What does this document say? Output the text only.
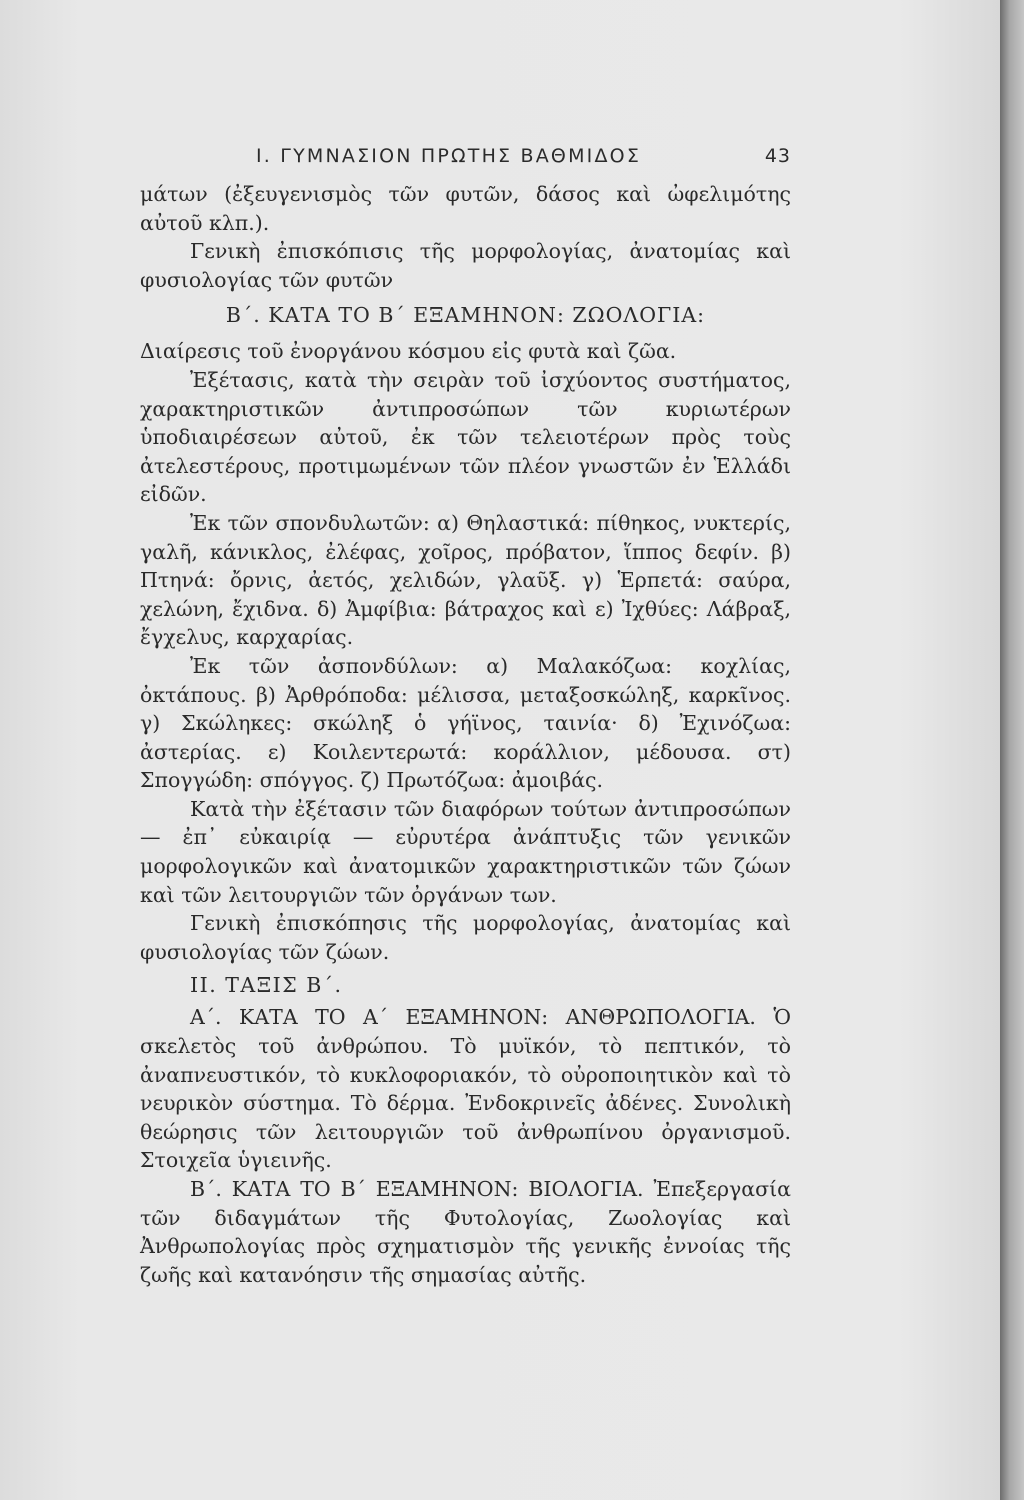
I. ΓΥΜΝΑΣΙΟΝ ΠΡΩΤΗΣ ΒΑΘΜΙΔΟΣ	43

μάτων (ἐξευγενισμὸς τῶν φυτῶν, δάσος καὶ ὠφελιμότης αὐτοῦ κλπ.).

Γενικὴ ἐπισκόπισις τῆς μορφολογίας, ἀνατομίας καὶ φυσιολογίας τῶν φυτῶν

Β΄. ΚΑΤΑ ΤΟ Β΄ ΕΞΑΜΗΝΟΝ: ΖΩΟΛΟΓΙΑ:

Διαίρεσις τοῦ ἐνοργάνου κόσμου εἰς φυτὰ καὶ ζῶα.

Ἐξέτασις, κατὰ τὴν σειρὰν τοῦ ἰσχύοντος συστήματος, χαρακτηριστικῶν ἀντιπροσώπων τῶν κυριωτέρων ὑποδιαιρέσεων αὐτοῦ, ἐκ τῶν τελειοτέρων πρὸς τοὺς ἀτελεστέρους, προτιμωμένων τῶν πλέον γνωστῶν ἐν Ἑλλάδι εἰδῶν.

Ἐκ τῶν σπονδυλωτῶν: α) Θηλαστικά: πίθηκος, νυκτερίς, γαλῆ, κάνικλος, ἐλέφας, χοῖρος, πρόβατον, ἵππος δεφίν. β) Πτηνά: ὄρνις, ἀετός, χελιδών, γλαῦξ. γ) Ἑρπετά: σαύρα, χελώνη, ἔχιδνα. δ) Ἀμφίβια: βάτραχος καὶ ε) Ἰχθύες: Λάβραξ, ἔγχελυς, καρχαρίας.

Ἐκ τῶν ἀσπονδύλων: α) Μαλακόζωα: κοχλίας, ὀκτάπους. β) Ἀρθρόποδα: μέλισσα, μεταξοσκώληξ, καρκῖνος. γ) Σκώληκες: σκώληξ ὁ γήϊνος, ταινία· δ) Ἐχινόζωα: ἀστερίας. ε) Κοιλεντερωτά: κοράλλιον, μέδουσα. στ) Σπογγώδη: σπόγγος. ζ) Πρωτόζωα: ἀμοιβάς.

Κατὰ τὴν ἐξέτασιν τῶν διαφόρων τούτων ἀντιπροσώπων — ἐπ᾿ εὐκαιρίᾳ — εὐρυτέρα ἀνάπτυξις τῶν γενικῶν μορφολογικῶν καὶ ἀνατομικῶν χαρακτηριστικῶν τῶν ζώων καὶ τῶν λειτουργιῶν τῶν ὀργάνων των.

Γενικὴ ἐπισκόπησις τῆς μορφολογίας, ἀνατομίας καὶ φυσιολογίας τῶν ζώων.

II. ΤΑΞΙΣ Β΄.

Α΄. ΚΑΤΑ ΤΟ Α΄ ΕΞΑΜΗΝΟΝ: ΑΝΘΡΩΠΟΛΟΓΙΑ. Ὁ σκελετὸς τοῦ ἀνθρώπου. Τὸ μυϊκόν, τὸ πεπτικόν, τὸ ἀναπνευστικόν, τὸ κυκλοφοριακόν, τὸ οὐροποιητικὸν καὶ τὸ νευρικὸν σύστημα. Τὸ δέρμα. Ἐνδοκρινεῖς ἀδένες. Συνολικὴ θεώρησις τῶν λειτουργιῶν τοῦ ἀνθρωπίνου ὀργανισμοῦ. Στοιχεῖα ὑγιεινῆς.

Β΄. ΚΑΤΑ ΤΟ Β΄ ΕΞΑΜΗΝΟΝ: ΒΙΟΛΟΓΙΑ. Ἐπεξεργασία τῶν διδαγμάτων τῆς Φυτολογίας, Ζωολογίας καὶ Ἀνθρωπολογίας πρὸς σχηματισμὸν τῆς γενικῆς ἐννοίας τῆς ζωῆς καὶ κατανόησιν τῆς σημασίας αὐτῆς.
